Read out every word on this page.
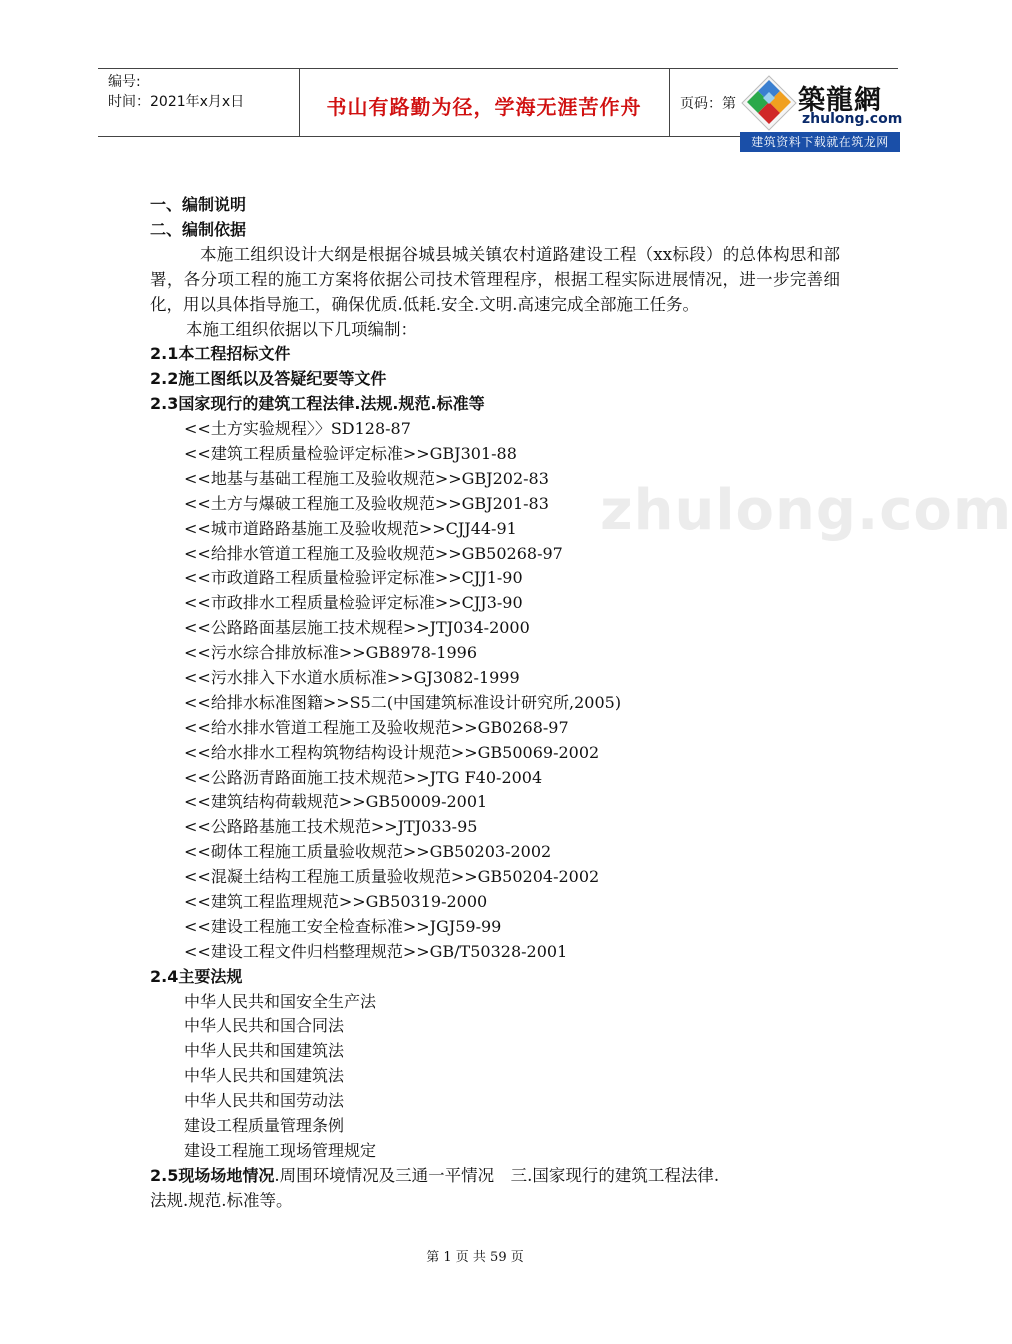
编号:
时间：2021年x月x日	书山有路勤为径，学海无涯苦作舟	页码：第 築龍網
zhulong.com
建筑资料下载就在筑龙网
zhulong.com
一、编制说明
二、编制依据
本施工组织设计大纲是根据谷城县城关镇农村道路建设工程（xx标段）的总体构思和部署，各分项工程的施工方案将依据公司技术管理程序，根据工程实际进展情况，进一步完善细化，用以具体指导施工，确保优质.低耗.安全.文明.高速完成全部施工任务。
本施工组织依据以下几项编制：
2.1本工程招标文件
2.2施工图纸以及答疑纪要等文件
2.3国家现行的建筑工程法律.法规.规范.标准等
<<土方实验规程〉〉SD128-87
<<建筑工程质量检验评定标准>>GBJ301-88
<<地基与基础工程施工及验收规范>>GBJ202-83
<<土方与爆破工程施工及验收规范>>GBJ201-83
<<城市道路路基施工及验收规范>>CJJ44-91
<<给排水管道工程施工及验收规范>>GB50268-97
<<市政道路工程质量检验评定标准>>CJJ1-90
<<市政排水工程质量检验评定标准>>CJJ3-90
<<公路路面基层施工技术规程>>JTJ034-2000
<<污水综合排放标准>>GB8978-1996
<<污水排入下水道水质标准>>GJ3082-1999
<<给排水标准图籍>>S5二(中国建筑标准设计研究所,2005)
<<给水排水管道工程施工及验收规范>>GB0268-97
<<给水排水工程构筑物结构设计规范>>GB50069-2002
<<公路沥青路面施工技术规范>>JTG F40-2004
<<建筑结构荷载规范>>GB50009-2001
<<公路路基施工技术规范>>JTJ033-95
<<砌体工程施工质量验收规范>>GB50203-2002
<<混凝土结构工程施工质量验收规范>>GB50204-2002
<<建筑工程监理规范>>GB50319-2000
<<建设工程施工安全检查标准>>JGJ59-99
<<建设工程文件归档整理规范>>GB/T50328-2001
2.4主要法规
中华人民共和国安全生产法
中华人民共和国合同法
中华人民共和国建筑法
中华人民共和国建筑法
中华人民共和国劳动法
建设工程质量管理条例
建设工程施工现场管理规定
2.5现场场地情况.周围环境情况及三通一平情况　三.国家现行的建筑工程法律.
法规.规范.标准等。
第 1 页 共 59 页
